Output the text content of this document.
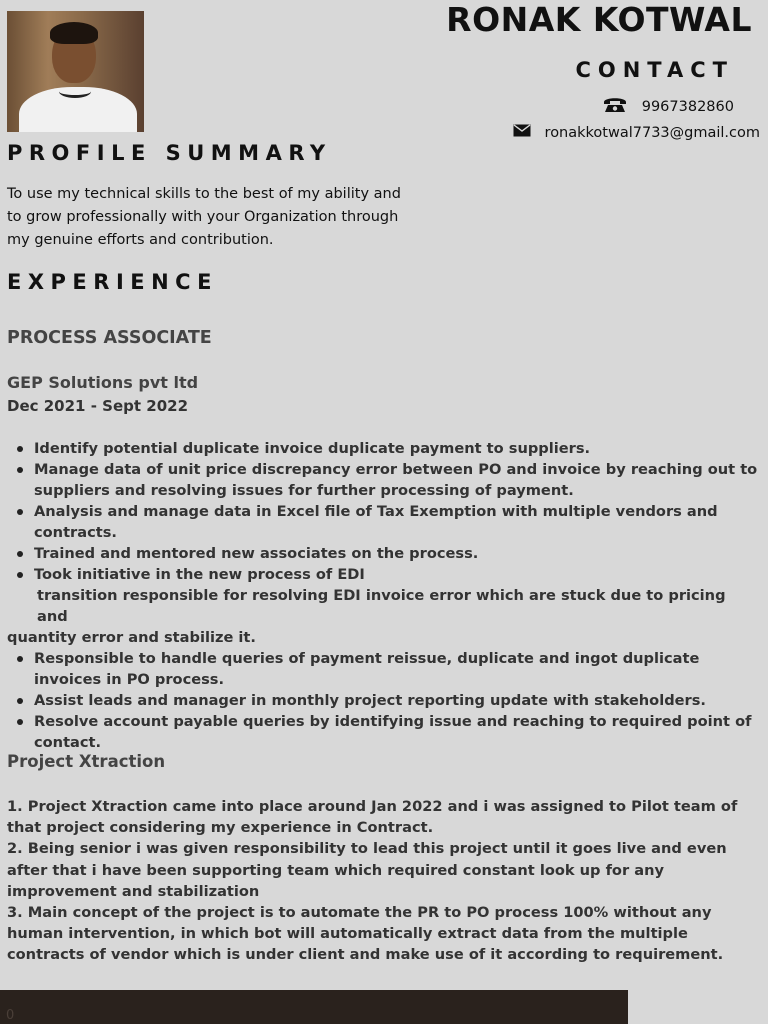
RONAK KOTWAL
CONTACT
9967382860
ronakkotwal7733@gmail.com
PROFILE SUMMARY

To use my technical skills to the best of my ability and to grow professionally with your Organization through my genuine efforts and contribution.

EXPERIENCE
PROCESS ASSOCIATE
GEP Solutions pvt ltd

Dec 2021 - Sept 2022

Identify potential duplicate invoice duplicate payment to suppliers.
Manage data of unit price discrepancy error between PO and invoice by reaching out to suppliers and resolving issues for further processing of payment.
Analysis and manage data in Excel file of Tax Exemption with multiple vendors and contracts.
Trained and mentored new associates on the process.
Took initiative in the new process of EDI
transition responsible for resolving EDI invoice error which are stuck due to pricing and
quantity error and stabilize it.
Responsible to handle queries of payment reissue, duplicate and ingot duplicate invoices in PO process.
Assist leads and manager in monthly project reporting update with stakeholders.
Resolve account payable queries by identifying issue and reaching to required point of contact.
Project Xtraction

1. Project Xtraction came into place around Jan 2022 and i was assigned to Pilot team of that project considering my experience in Contract.

2. Being senior i was given responsibility to lead this project until it goes live and even after that i have been supporting team which required constant look up for any improvement and stabilization

3. Main concept of the project is to automate the PR to PO process 100% without any human intervention, in which bot will automatically extract data from the multiple contracts of vendor which is under client and make use of it according to requirement.

0
